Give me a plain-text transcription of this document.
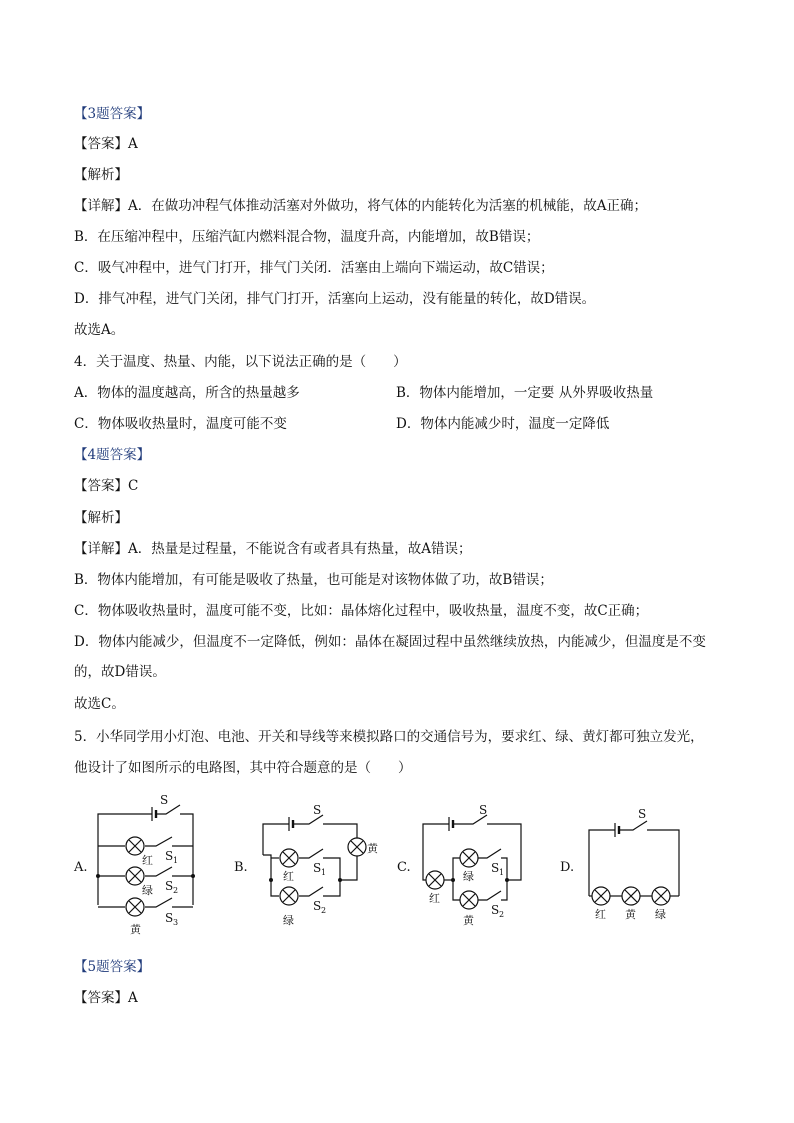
【3题答案】
【答案】A
【解析】
【详解】A．在做功冲程气体推动活塞对外做功，将气体的内能转化为活塞的机械能，故A正确；
B．在压缩冲程中，压缩汽缸内燃料混合物，温度升高，内能增加，故B错误；
C．吸气冲程中，进气门打开，排气门关闭．活塞由上端向下端运动，故C错误；
D．排气冲程，进气门关闭，排气门打开，活塞向上运动，没有能量的转化，故D错误。
故选A。
4．关于温度、热量、内能，以下说法正确的是（　　）
A．物体的温度越高，所含的热量越多	B．物体内能增加，一定要 从外界吸收热量
C．物体吸收热量时，温度可能不变	D．物体内能减少时，温度一定降低
【4题答案】
【答案】C
【解析】
【详解】A．热量是过程量，不能说含有或者具有热量，故A错误；
B．物体内能增加，有可能是吸收了热量，也可能是对该物体做了功，故B错误；
C．物体吸收热量时，温度可能不变，比如：晶体熔化过程中，吸收热量，温度不变，故C正确；
D．物体内能减少，但温度不一定降低，例如：晶体在凝固过程中虽然继续放热，内能减少，但温度是不变
的，故D错误。
故选C。
5．小华同学用小灯泡、电池、开关和导线等来模拟路口的交通信号为，要求红、绿、黄灯都可独立发光，
他设计了如图所示的电路图，其中符合题意的是（　　）
A.
S
红 S 1
绿 S 2
黄
S 3
B.
S
黄
红
S 1
绿
S 2
C.
S
绿
S 1
红
黄
S 2
D.
S
红 黄 绿
【5题答案】
【答案】A
